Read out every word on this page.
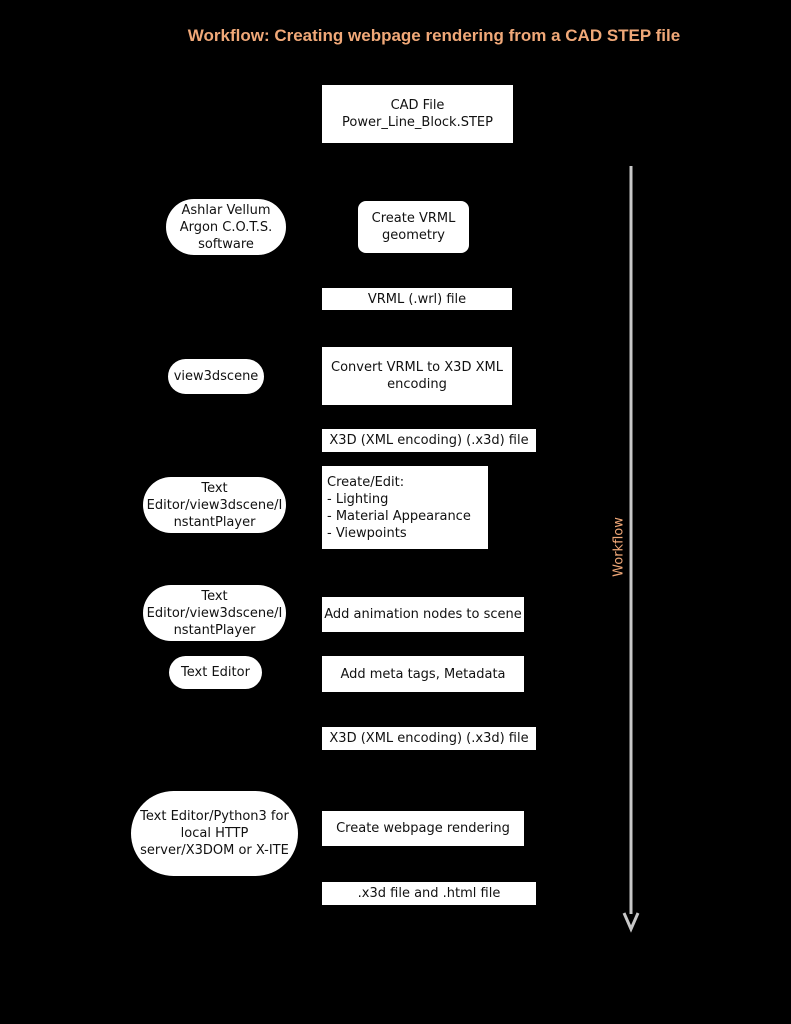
Workflow: Creating webpage rendering from a CAD STEP file
CAD File
Power_Line_Block.STEP
Create VRML
geometry
VRML (.wrl) file
Convert VRML to X3D XML
encoding
X3D (XML encoding) (.x3d) file
Create/Edit:
- Lighting
- Material Appearance
- Viewpoints
Add animation nodes to scene
Add meta tags, Metadata
X3D (XML encoding) (.x3d) file
Create webpage rendering
.x3d file and .html file
Ashlar Vellum
Argon C.O.T.S.
software
view3dscene
Text
Editor/view3dscene/I
nstantPlayer
Text
Editor/view3dscene/I
nstantPlayer
Text Editor
Text Editor/Python3 for
local HTTP
server/X3DOM or X-ITE
Workflow
